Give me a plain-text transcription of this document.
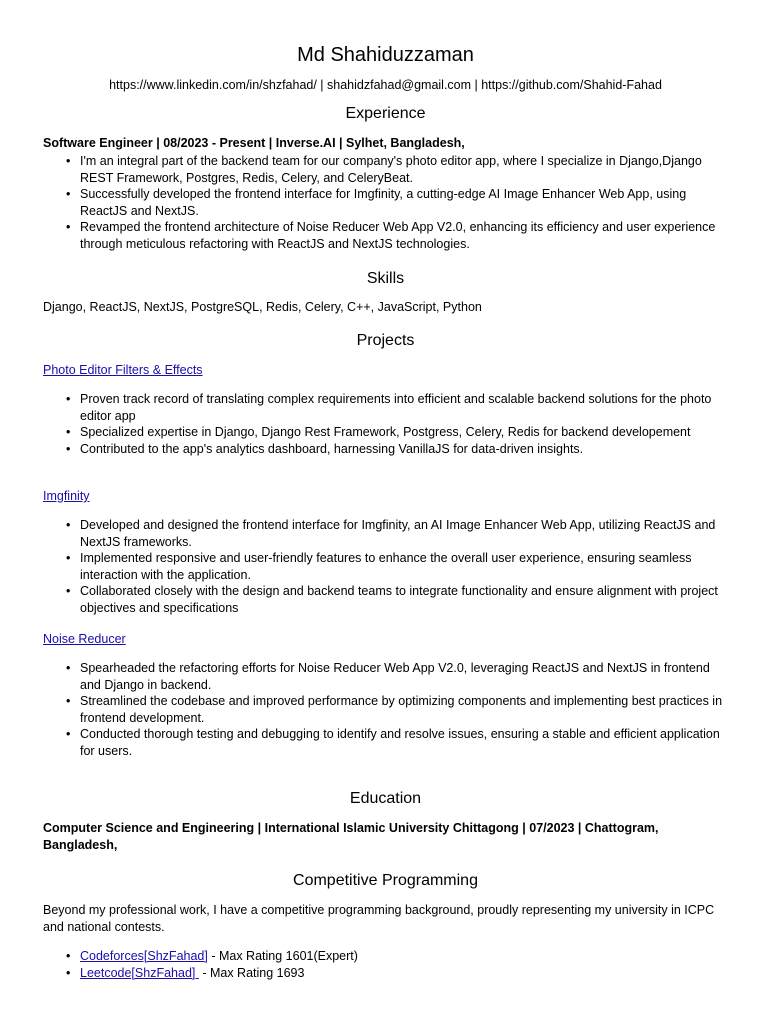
Md Shahiduzzaman
https://www.linkedin.com/in/shzfahad/ | shahidzfahad@gmail.com | https://github.com/Shahid-Fahad
Experience
Software Engineer | 08/2023 - Present | Inverse.AI | Sylhet, Bangladesh,
• I'm an integral part of the backend team for our company's photo editor app, where I specialize in Django,Django REST Framework, Postgres, Redis, Celery, and CeleryBeat.
• Successfully developed the frontend interface for Imgfinity, a cutting-edge AI Image Enhancer Web App, using ReactJS and NextJS.
• Revamped the frontend architecture of Noise Reducer Web App V2.0, enhancing its efficiency and user experience through meticulous refactoring with ReactJS and NextJS technologies.
Skills
Django, ReactJS, NextJS, PostgreSQL, Redis, Celery, C++, JavaScript, Python
Projects
Photo Editor Filters & Effects
• Proven track record of translating complex requirements into efficient and scalable backend solutions for the photo editor app
• Specialized expertise in Django, Django Rest Framework, Postgress, Celery, Redis for backend developement
• Contributed to the app's analytics dashboard, harnessing VanillaJS for data-driven insights.
Imgfinity
• Developed and designed the frontend interface for Imgfinity, an AI Image Enhancer Web App, utilizing ReactJS and NextJS frameworks.
• Implemented responsive and user-friendly features to enhance the overall user experience, ensuring seamless interaction with the application.
• Collaborated closely with the design and backend teams to integrate functionality and ensure alignment with project objectives and specifications
Noise Reducer
• Spearheaded the refactoring efforts for Noise Reducer Web App V2.0, leveraging ReactJS and NextJS in frontend and Django in backend.
• Streamlined the codebase and improved performance by optimizing components and implementing best practices in frontend development.
• Conducted thorough testing and debugging to identify and resolve issues, ensuring a stable and efficient application for users.
Education
Computer Science and Engineering | International Islamic University Chittagong | 07/2023 | Chattogram, Bangladesh,
Competitive Programming
Beyond my professional work, I have a competitive programming background, proudly representing my university in ICPC and national contests.
• Codeforces[ShzFahad] - Max Rating 1601(Expert)
• Leetcode[ShzFahad]  - Max Rating 1693
